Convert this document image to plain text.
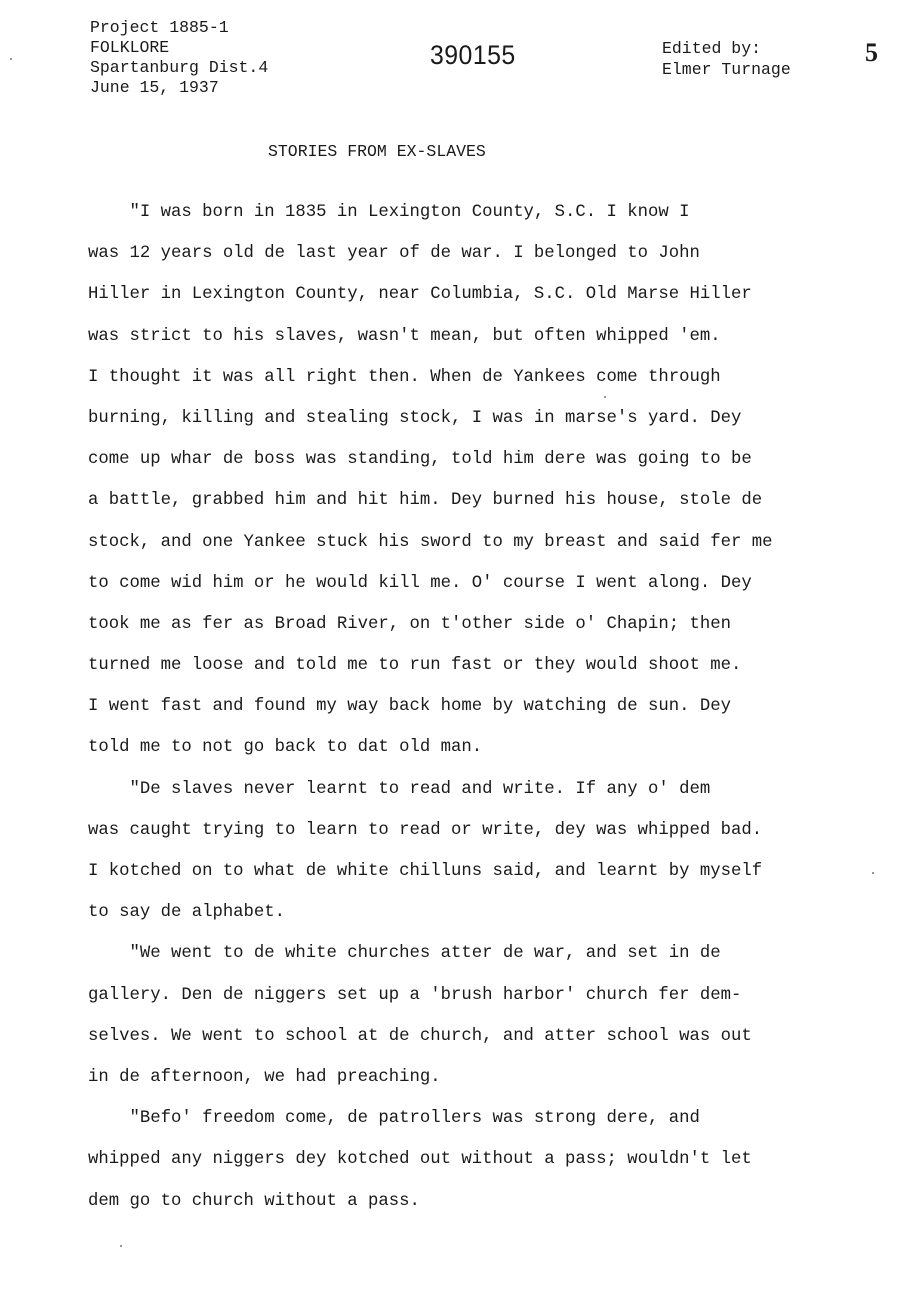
Project 1885-1
FOLKLORE
Spartanburg Dist.4
June 15, 1937
390155	Edited by:
Elmer Turnage
5
STORIES FROM EX-SLAVES
"I was born in 1835 in Lexington County, S.C. I know I
was 12 years old de last year of de war. I belonged to John
Hiller in Lexington County, near Columbia, S.C. Old Marse Hiller
was strict to his slaves, wasn't mean, but often whipped 'em.
I thought it was all right then. When de Yankees come through
burning, killing and stealing stock, I was in marse's yard. Dey
come up whar de boss was standing, told him dere was going to be
a battle, grabbed him and hit him. Dey burned his house, stole de
stock, and one Yankee stuck his sword to my breast and said fer me
to come wid him or he would kill me. O' course I went along. Dey
took me as fer as Broad River, on t'other side o' Chapin; then
turned me loose and told me to run fast or they would shoot me.
I went fast and found my way back home by watching de sun. Dey
told me to not go back to dat old man.
"De slaves never learnt to read and write. If any o' dem
was caught trying to learn to read or write, dey was whipped bad.
I kotched on to what de white chilluns said, and learnt by myself
to say de alphabet.
"We went to de white churches atter de war, and set in de
gallery. Den de niggers set up a 'brush harbor' church fer dem-
selves. We went to school at de church, and atter school was out
in de afternoon, we had preaching.
"Befo' freedom come, de patrollers was strong dere, and
whipped any niggers dey kotched out without a pass; wouldn't let
dem go to church without a pass.
